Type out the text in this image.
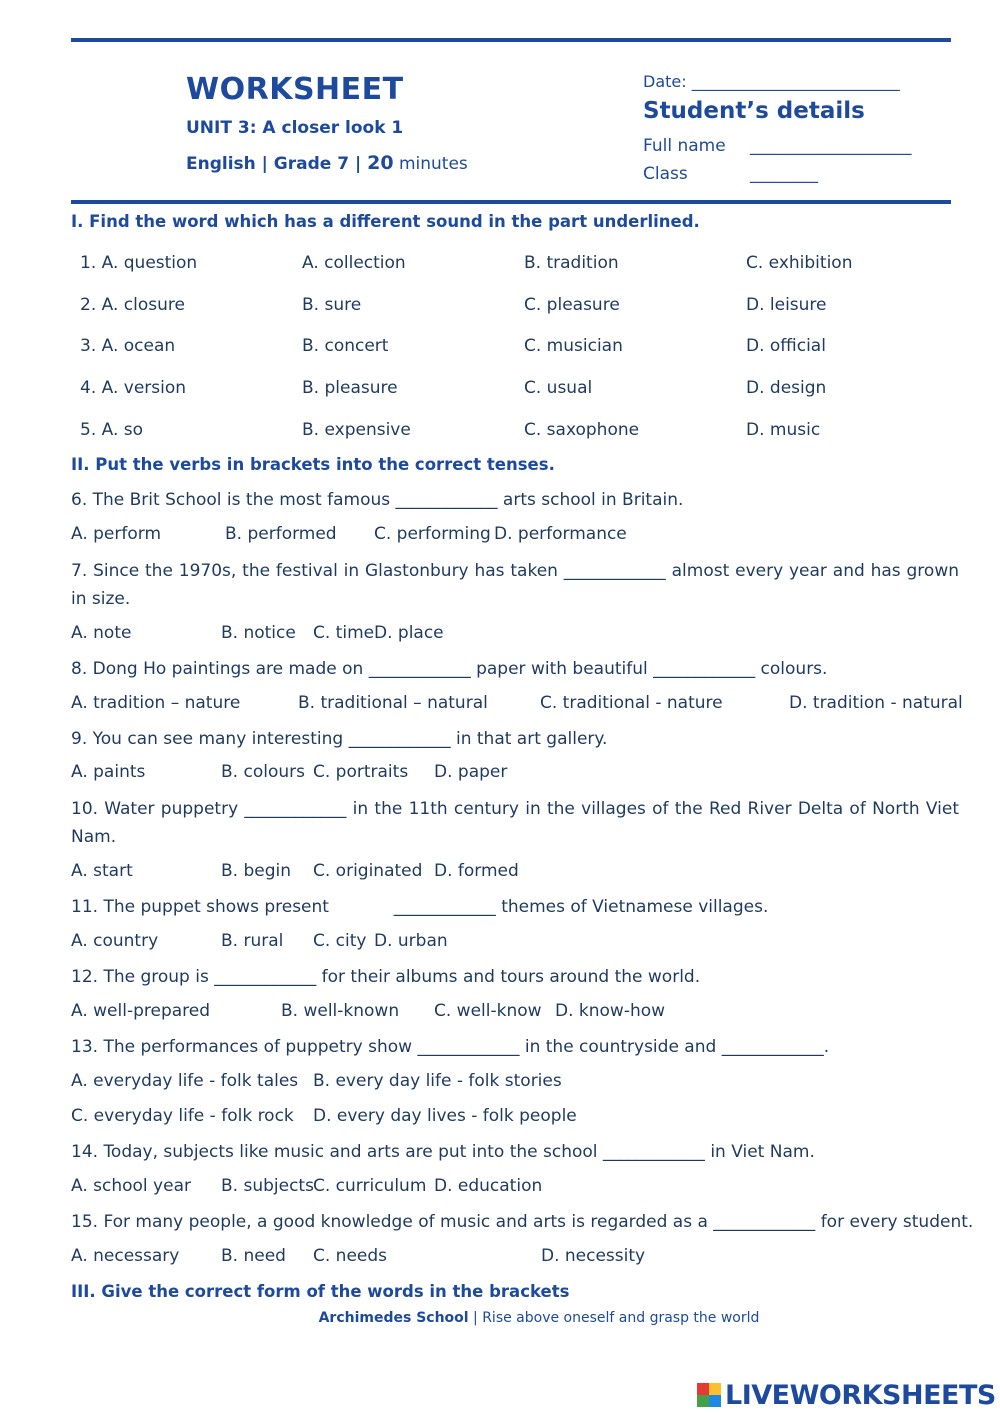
WORKSHEET
UNIT 3: A closer look 1
English | Grade 7 | 20 minutes
Date: __________________________
Student’s details
Full name ___________________
Class	________
I. Find the word which has a different sound in the part underlined.
1. A. question	A. collection	B. tradition	C. exhibition
2. A. closure	B. sure	C. pleasure	D. leisure
3. A. ocean	B. concert	C. musician	D. official
4. A. version	B. pleasure	C. usual	D. design
5. A. so	B. expensive	C. saxophone	D. music
II. Put the verbs in brackets into the correct tenses.
6. The Brit School is the most famous ____________ arts school in Britain.
A. perform	B. performed C. performing D. performance
7. Since the 1970s, the festival in Glastonbury has taken ____________ almost every year and has grown in size.
A. note	B. notice C. time D. place
8. Dong Ho paintings are made on ____________ paper with beautiful ____________ colours.
A. tradition – nature	B. traditional – natural	C. traditional - nature	D. tradition - natural
9. You can see many interesting ____________ in that art gallery.
A. paints	B. colours C. portraits D. paper
10. Water puppetry ____________ in the 11th century in the villages of the Red River Delta of North Viet Nam.
A. start	B. begin C. originated D. formed
11. The puppet shows present            ____________ themes of Vietnamese villages.
A. country	B. rural C. city D. urban
12. The group is ____________ for their albums and tours around the world.
A. well-prepared	B. well-known C. well-know D. know-how
13. The performances of puppetry show ____________ in the countryside and ____________.
A. everyday life - folk tales B. every day life - folk stories
C. everyday life - folk rock D. every day lives - folk people
14. Today, subjects like music and arts are put into the school ____________ in Viet Nam.
A. school year B. subjects C. curriculum D. education
15. For many people, a good knowledge of music and arts is regarded as a ____________ for every student.
A. necessary B. need C. needs	D. necessity
III. Give the correct form of the words in the brackets
Archimedes School | Rise above oneself and grasp the world
LIVEWORKSHEETS
